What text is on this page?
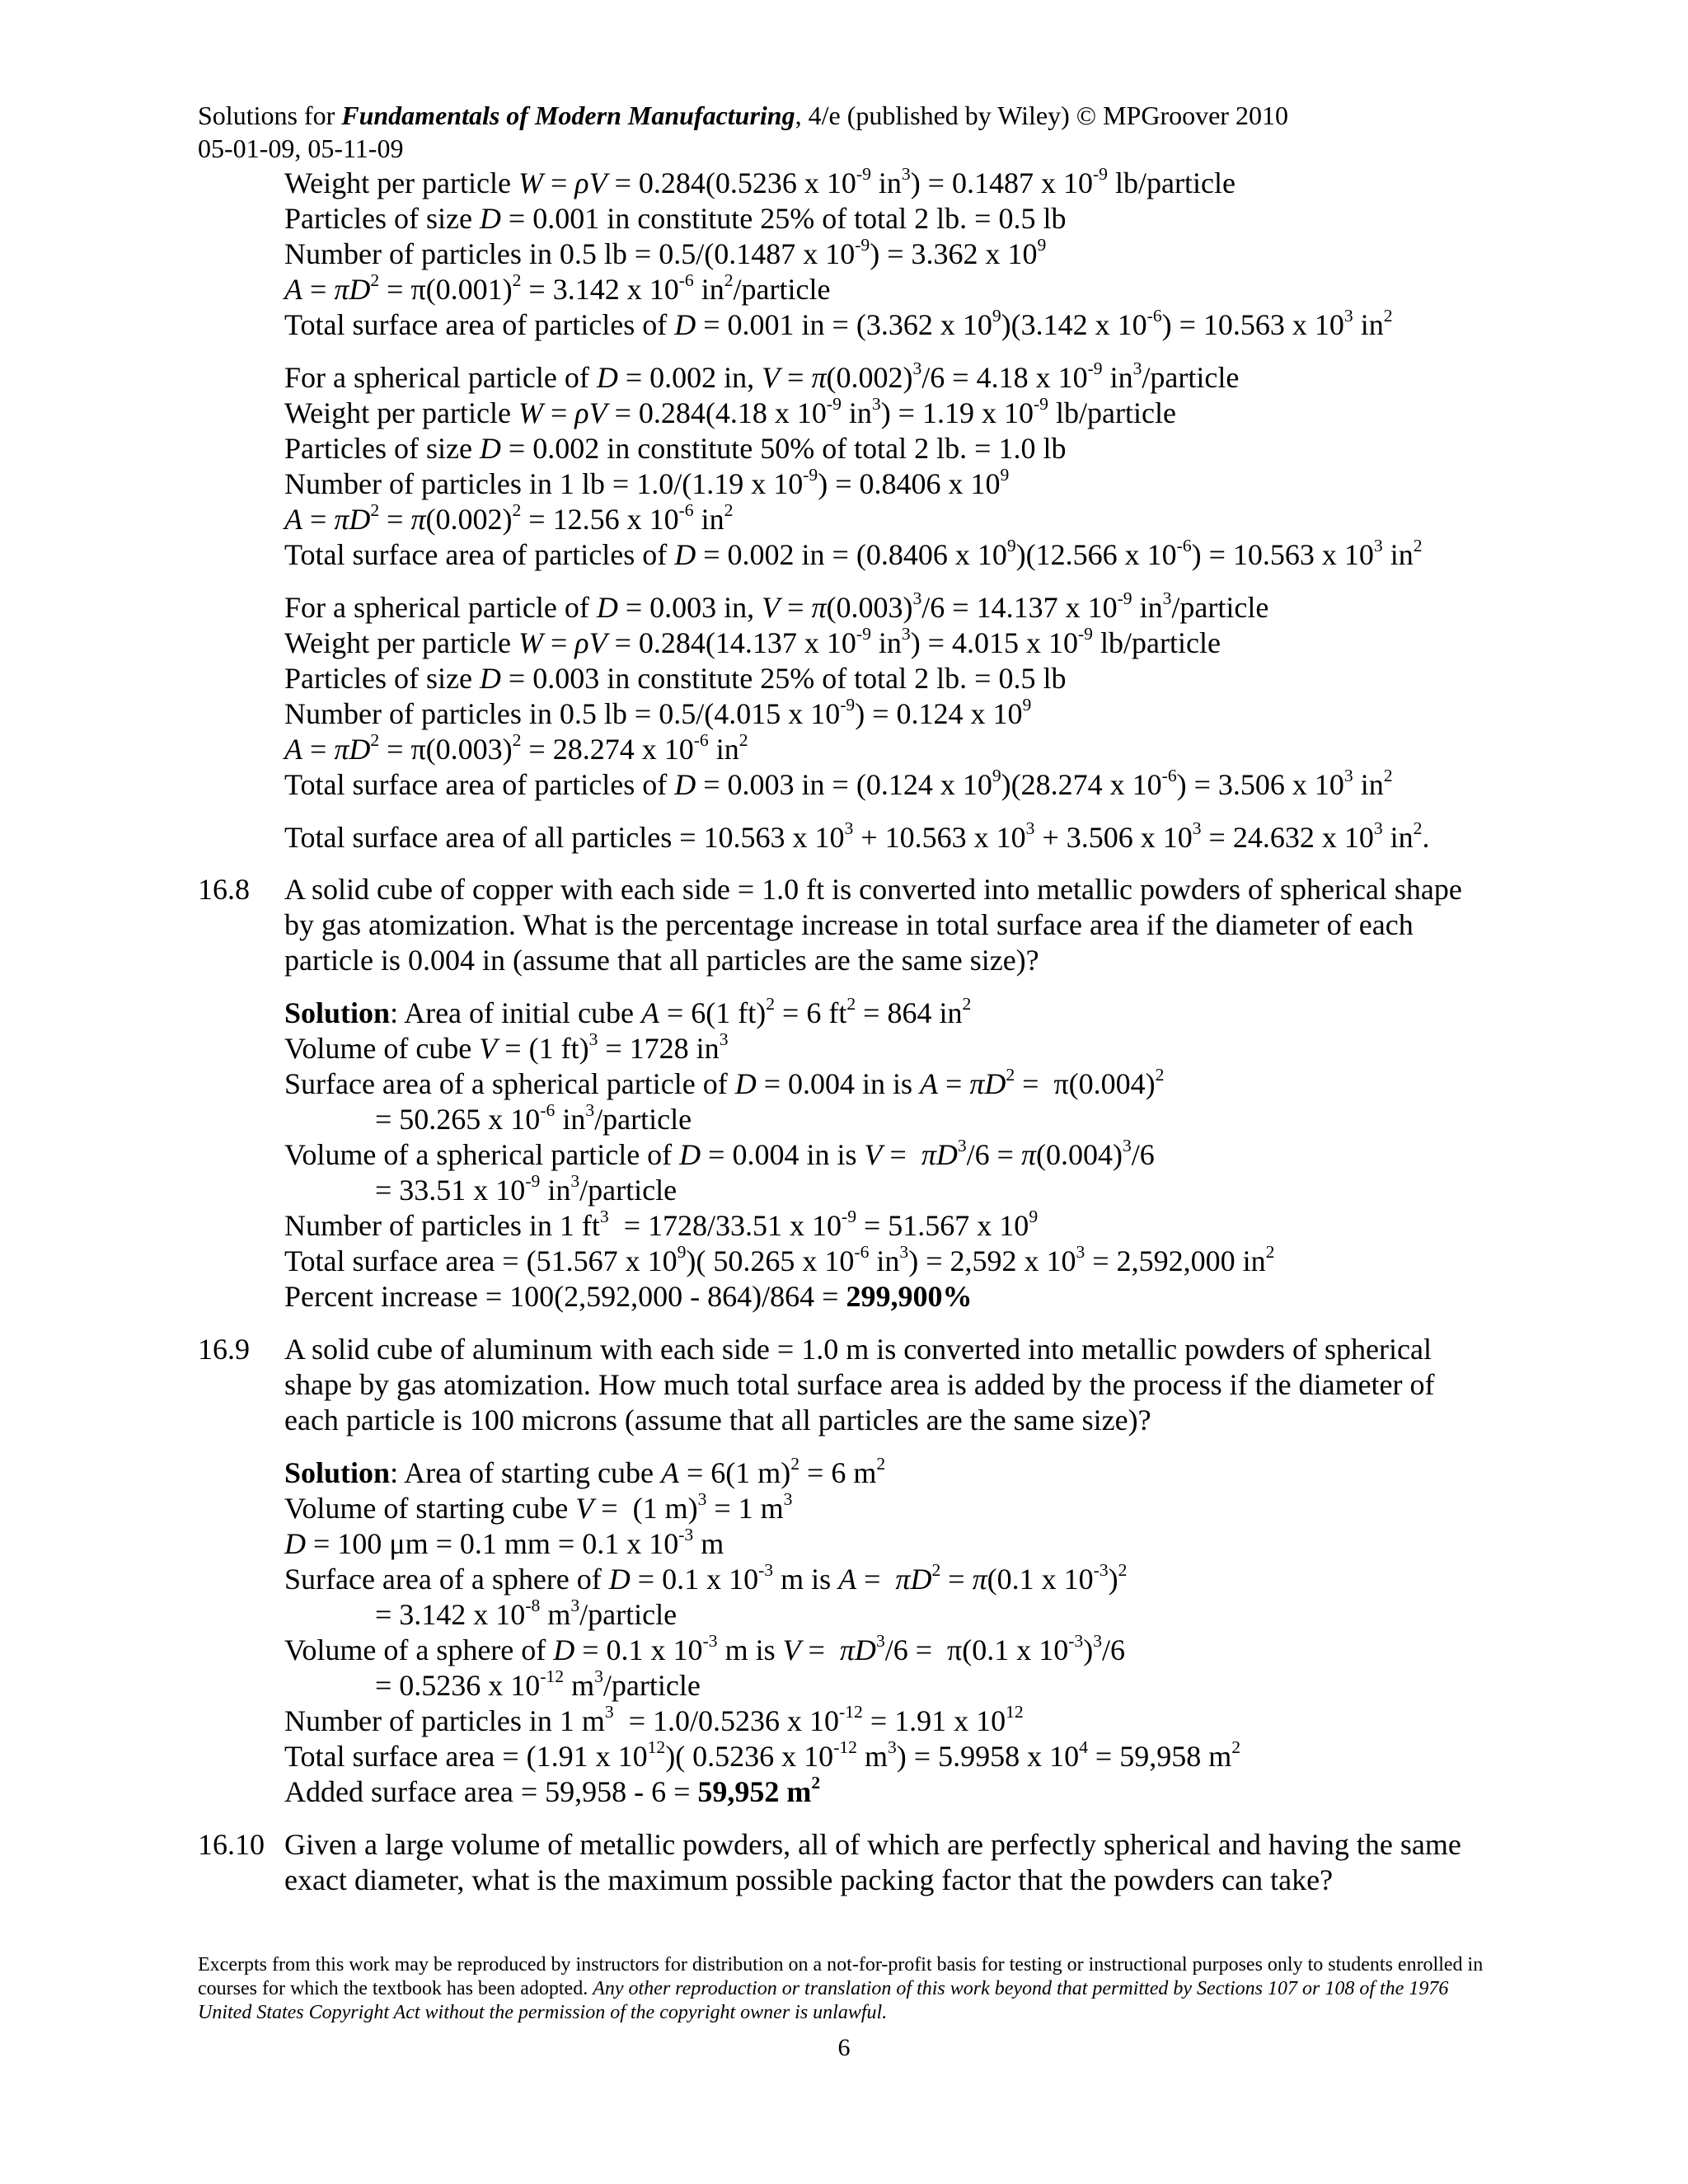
Solutions for Fundamentals of Modern Manufacturing, 4/e (published by Wiley) © MPGroover 2010
05-01-09, 05-11-09
Weight per particle W = ρV = 0.284(0.5236 x $10^{-9}$ $in^3) = 0.1487$ x $10^{-9}$ lb/particle
Particles of size D = 0.001 in constitute 25% of total 2 lb. = 0.5 lb
Number of particles in 0.5 lb = 0.5/(0.1487 x $10^{-9}) = 3.362$ x $10^9$
$A = \pi D^2 = \pi(0.001)^2 = 3.142$ x $10^{-6}$ $in^2$/particle
Total surface area of particles of D = 0.001 in = (3.362 x $10^9)(3.142$ x $10^{-6}) = 10.563$ x $10^3$ $in^2$
For a spherical particle of D = 0.002 in, $V = \pi(0.002)^3/6 = 4.18$ x $10^{-9}$ $in^3$/particle
Weight per particle W = ρV = 0.284(4.18 x $10^{-9}$ $in^3) = 1.19$ x $10^{-9}$ lb/particle
Particles of size D = 0.002 in constitute 50% of total 2 lb. = 1.0 lb
Number of particles in 1 lb = 1.0/(1.19 x $10^{-9}) = 0.8406$ x $10^9$
$A = \pi D^2 = \pi(0.002)^2 = 12.56$ x $10^{-6}$ $in^2$
Total surface area of particles of D = 0.002 in = (0.8406 x $10^9)(12.566$ x $10^{-6}) = 10.563$ x $10^3$ $in^2$
For a spherical particle of D = 0.003 in, $V = \pi(0.003)^3/6 = 14.137$ x $10^{-9}$ $in^3$/particle
Weight per particle W = ρV = 0.284(14.137 x $10^{-9}$ $in^3) = 4.015$ x $10^{-9}$ lb/particle
Particles of size D = 0.003 in constitute 25% of total 2 lb. = 0.5 lb
Number of particles in 0.5 lb = 0.5/(4.015 x $10^{-9}) = 0.124$ x $10^9$
$A = \pi D^2 = \pi(0.003)^2 = 28.274$ x $10^{-6}$ $in^2$
Total surface area of particles of D = 0.003 in = (0.124 x $10^9)(28.274$ x $10^{-6}) = 3.506$ x $10^3$ $in^2$
Total surface area of all particles = 10.563 x $10^3 + 10.563$ x $10^3 + 3.506$ x $10^3 = 24.632$ x $10^3$ $in^2$.
A solid cube of copper with each side = 1.0 ft is converted into metallic powders of spherical shape
by gas atomization. What is the percentage increase in total surface area if the diameter of each
particle is 0.004 in (assume that all particles are the same size)?
Solution: Area of initial cube A = 6(1 ft)$^2$ = 6 $ft^2 = 864$ $in^2$
Volume of cube V = (1 ft)$^3$ = 1728 $in^3$
Surface area of a spherical particle of D = 0.004 in is $A = \pi D^2 = \pi(0.004)^2$
= 50.265 x $10^{-6}$ $in^3$/particle
Volume of a spherical particle of D = 0.004 in is $V = \pi D^3/6 = \pi(0.004)^3/6$
= 33.51 x $10^{-9}$ $in^3$/particle
Number of particles in 1 $ft^3 = 1728/33.51$ x $10^{-9} = 51.567$ x $10^9$
Total surface area = (51.567 x $10^9$)( 50.265 x $10^{-6}$ $in^3) = 2,592$ x $10^3 = 2,592,000$ $in^2$
Percent increase = 100(2,592,000 - 864)/864 = 299,900%
A solid cube of aluminum with each side = 1.0 m is converted into metallic powders of spherical
shape by gas atomization. How much total surface area is added by the process if the diameter of
each particle is 100 microns (assume that all particles are the same size)?
Solution: Area of starting cube A = 6(1 m)$^2$ = 6 $m^2$
Volume of starting cube V =  (1 m)$^3$ = 1 $m^3$
D = 100 μm = 0.1 mm = 0.1 x $10^{-3}$ m
Surface area of a sphere of D = 0.1 x $10^{-3}$ m is $A = \pi D^2 = \pi(0.1$ x $10^{-3})^2$
= 3.142 x $10^{-8}$ $m^3$/particle
Volume of a sphere of D = 0.1 x $10^{-3}$ m is $V = \pi D^3/6 = \pi(0.1$ x $10^{-3})^3/6$
= 0.5236 x $10^{-12}$ $m^3$/particle
Number of particles in 1 $m^3 = 1.0/0.5236$ x $10^{-12} = 1.91$ x $10^{12}$
Total surface area = (1.91 x $10^{12}$)( 0.5236 x $10^{-12}$ $m^3) = 5.9958$ x $10^4 = 59,958$ $m^2$
Added surface area = 59,958 - 6 = 59,952 $m^2$
Given a large volume of metallic powders, all of which are perfectly spherical and having the same
exact diameter, what is the maximum possible packing factor that the powders can take?
16.8
16.9
16.10
Excerpts from this work may be reproduced by instructors for distribution on a not-for-profit basis for testing or instructional purposes only to students enrolled in courses for which the textbook has been adopted. Any other reproduction or translation of this work beyond that permitted by Sections 107 or 108 of the 1976 United States Copyright Act without the permission of the copyright owner is unlawful.
6
